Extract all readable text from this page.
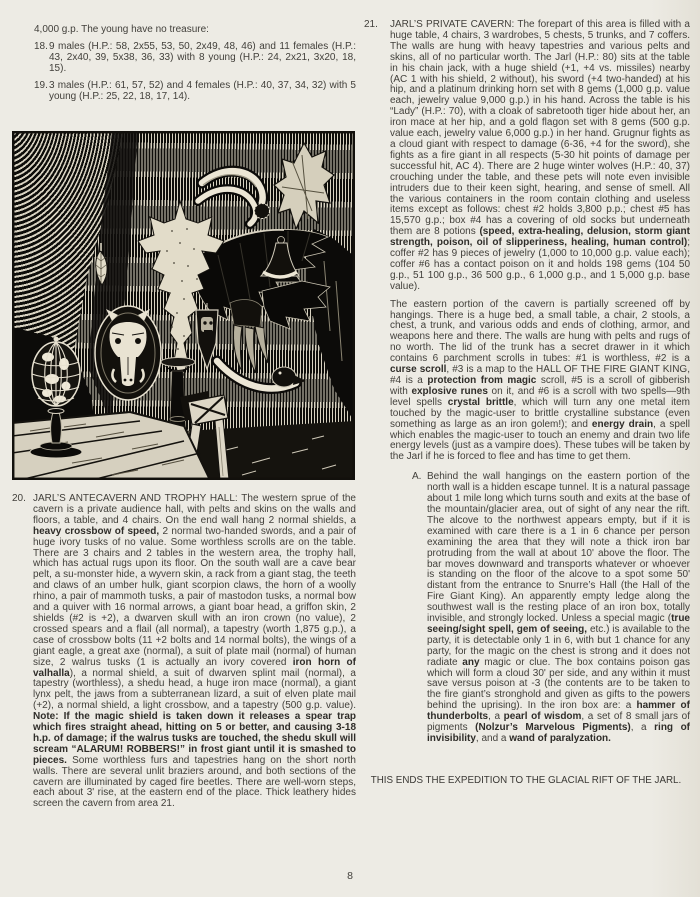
4,000 g.p. The young have no treasure:
18. 9 males (H.P.: 58, 2x55, 53, 50, 2x49, 48, 46) and 11 females (H.P.: 43, 2x40, 39, 5x38, 36, 33) with 8 young (H.P.: 24, 2x21, 3x20, 18, 15).
19. 3 males (H.P.: 61, 57, 52) and 4 females (H.P.: 40, 37, 34, 32) with 5 young (H.P.: 25, 22, 18, 17, 14).
20. JARL’S ANTECAVERN AND TROPHY HALL: The western sprue of the cavern is a private audience hall, with pelts and skins on the walls and floors, a table, and 4 chairs. On the end wall hang 2 normal shields, a heavy crossbow of speed, 2 normal two-handed swords, and a pair of huge ivory tusks of no value. Some worthless scrolls are on the table. There are 3 chairs and 2 tables in the western area, the trophy hall, which has actual rugs upon its floor. On the south wall are a cave bear pelt, a su-monster hide, a wyvern skin, a rack from a giant stag, the teeth and claws of an umber hulk, giant scorpion claws, the horn of a woolly rhino, a pair of mammoth tusks, a pair of mastodon tusks, a normal bow and a quiver with 16 normal arrows, a giant boar head, a griffon skin, 2 shields (#2 is +2), a dwarven skull with an iron crown (no value), 2 crossed spears and a flail (all normal), a tapestry (worth 1,875 g.p.), a case of crossbow bolts (11 +2 bolts and 14 normal bolts), the wings of a giant eagle, a great axe (normal), a suit of plate mail (normal) of human size, 2 walrus tusks (1 is actually an ivory covered iron horn of valhalla), a normal shield, a suit of dwarven splint mail (normal), a tapestry (worthless), a shedu head, a huge iron mace (normal), a giant lynx pelt, the jaws from a subterranean lizard, a suit of elven plate mail (+2), a normal shield, a light crossbow, and a tapestry (500 g.p. value). Note: If the magic shield is taken down it releases a spear trap which fires straight ahead, hitting on 5 or better, and causing 3-18 h.p. of damage; if the walrus tusks are touched, the shedu skull will scream “ALARUM! ROBBERS!” in frost giant until it is smashed to pieces. Some worthless furs and tapestries hang on the short north walls. There are several unlit braziers around, and both sections of the cavern are illuminated by caged fire beetles. There are well-worn steps, each about 3' rise, at the eastern end of the place. Thick leathery hides screen the cavern from area 21.
21. JARL’S PRIVATE CAVERN: The forepart of this area is filled with a huge table, 4 chairs, 3 wardrobes, 5 chests, 5 trunks, and 7 coffers. The walls are hung with heavy tapestries and various pelts and skins, all of no particular worth. The Jarl (H.P.: 80) sits at the table in his chain jack, with a huge shield (+1, +4 vs. missiles) nearby (AC 1 with his shield, 2 without), his sword (+4 two-handed) at his hip, and a platinum drinking horn set with 8 gems (1,000 g.p. value each, jewelry value 9,000 g.p.) in his hand. Across the table is his “Lady” (H.P.: 70), with a cloak of sabretooth tiger hide about her, an iron mace at her hip, and a gold flagon set with 8 gems (500 g.p. value each, jewelry value 6,000 g.p.) in her hand. Grugnur fights as a cloud giant with respect to damage (6-36, +4 for the sword), she fights as a fire giant in all respects (5-30 hit points of damage per successful hit, AC 4). There are 2 huge winter wolves (H.P.: 40, 37) crouching under the table, and these pets will note even invisible intruders due to their keen sight, hearing, and sense of smell. All the various containers in the room contain clothing and useless items except as follows: chest #2 holds 3,800 p.p.; chest #5 has 15,570 g.p.; box #4 has a covering of old socks but underneath them are 8 potions (speed, extra-healing, delusion, storm giant strength, poison, oil of slipperiness, healing, human control); coffer #2 has 9 pieces of jewelry (1,000 to 10,000 g.p. value each); coffer #6 has a contact poison on it and holds 198 gems (104 50 g.p., 51 100 g.p., 36 500 g.p., 6 1,000 g.p., and 1 5,000 g.p. base value).
The eastern portion of the cavern is partially screened off by hangings. There is a huge bed, a small table, a chair, 2 stools, a chest, a trunk, and various odds and ends of clothing, armor, and weapons here and there. The walls are hung with pelts and rugs of no worth. The lid of the trunk has a secret drawer in it which contains 6 parchment scrolls in tubes: #1 is worthless, #2 is a curse scroll, #3 is a map to the HALL OF THE FIRE GIANT KING, #4 is a protection from magic scroll, #5 is a scroll of gibberish with explosive runes on it, and #6 is a scroll with two spells—9th level spells crystal brittle, which will turn any one metal item touched by the magic-user to brittle crystalline substance (even something as large as an iron golem!); and energy drain, a spell which enables the magic-user to touch an enemy and drain two life energy levels (just as a vampire does). These tubes will be taken by the Jarl if he is forced to flee and has time to get them.
A. Behind the wall hangings on the eastern portion of the north wall is a hidden escape tunnel. It is a natural passage about 1 mile long which turns south and exits at the base of the mountain/glacier area, out of sight of any near the rift. The alcove to the northwest appears empty, but if it is examined with care there is a 1 in 6 chance per person examining the area that they will note a thick iron bar protruding from the wall at about 10' above the floor. The bar moves downward and transports whatever or whoever is standing on the floor of the alcove to a spot some 50' distant from the entrance to Snurre’s Hall (the Hall of the Fire Giant King). An apparently empty ledge along the southwest wall is the resting place of an iron box, totally invisible, and strongly locked. Unless a special magic (true seeing/sight spell, gem of seeing, etc.) is available to the party, it is detectable only 1 in 6, with but 1 chance for any party, for the magic on the chest is strong and it does not radiate any magic or clue. The box contains poison gas which will form a cloud 30' per side, and any within it must save versus poison at -3 (the contents are to be taken to the fire giant’s stronghold and given as gifts to the powers behind the uprising). In the iron box are: a hammer of thunderbolts, a pearl of wisdom, a set of 8 small jars of pigments (Nolzur’s Marvelous Pigments), a ring of invisibility, and a wand of paralyzation.
THIS ENDS THE EXPEDITION TO THE GLACIAL RIFT OF THE JARL.
8
